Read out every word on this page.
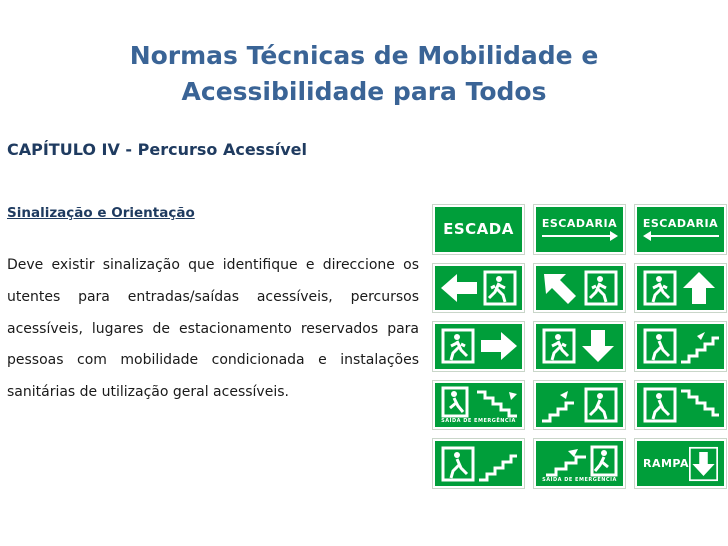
Normas Técnicas de Mobilidade e
Acessibilidade para Todos
CAPÍTULO IV - Percurso Acessível
Sinalização e Orientação
Deve existir sinalização que identifique e direccione os utentes para entradas/saídas acessíveis, percursos acessíveis, lugares de estacionamento reservados para pessoas com mobilidade condicionada e instalações sanitárias de utilização geral acessíveis.
ESCADA	ESCADARIA ESCADARIA
SAÍDA DE EMERGÊNCIA
SAÍDA DE EMERGÊNCIA
RAMPA
